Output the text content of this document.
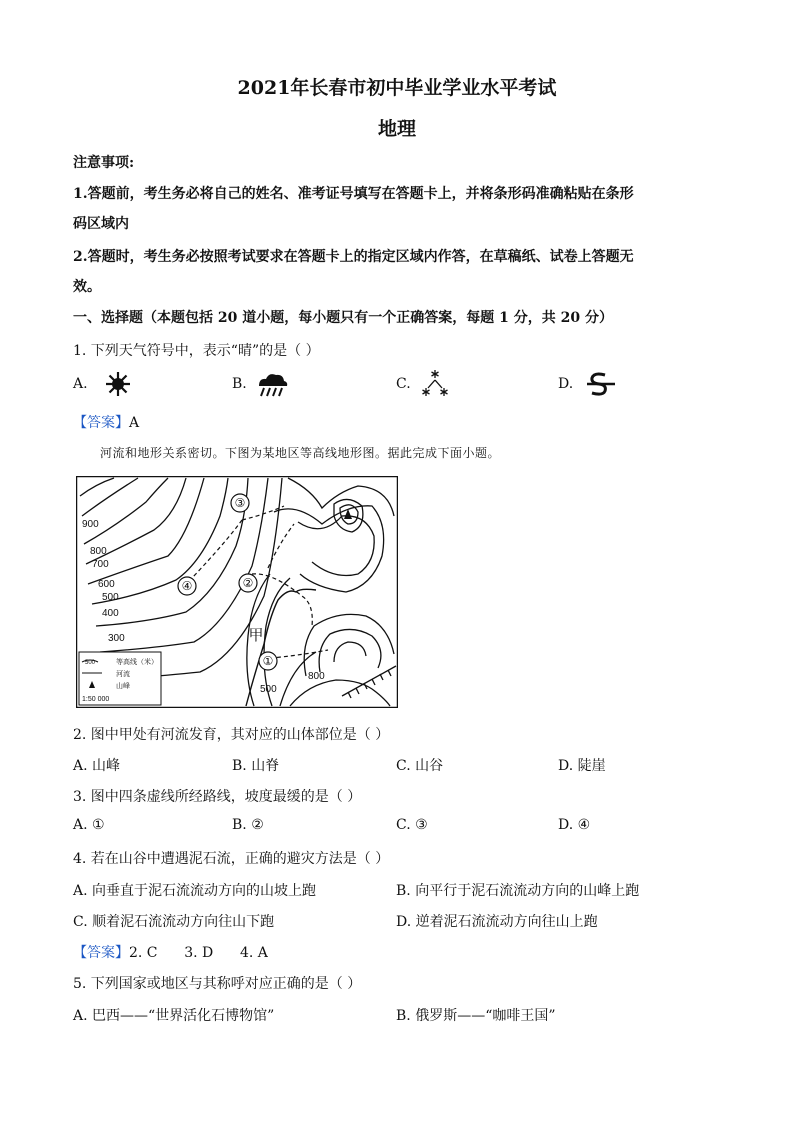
2021年长春市初中毕业学业水平考试
地理
注意事项:
1.答题前，考生务必将自己的姓名、准考证号填写在答题卡上，并将条形码准确粘贴在条形
码区域内
2.答题时，考生务必按照考试要求在答题卡上的指定区域内作答，在草稿纸、试卷上答题无
效。
一、选择题（本题包括 20 道小题，每小题只有一个正确答案，每题 1 分，共 20 分）
1. 下列天气符号中，表示“晴”的是（ ）
A.	B.	C.	D.
【答案】A
河流和地形关系密切。下图为某地区等高线地形图。据此完成下面小题。
③
②
④
①
甲
900
800
700
600
500
400
300
500
800
500	等高线（米）
河流
山峰
1:50 000
2. 图中甲处有河流发育，其对应的山体部位是（ ）
A. 山峰	B. 山脊	C. 山谷	D. 陡崖
3. 图中四条虚线所经路线，坡度最缓的是（ ）
A. ①	B. ②	C. ③	D. ④
4. 若在山谷中遭遇泥石流，正确的避灾方法是（ ）
A. 向垂直于泥石流流动方向的山坡上跑	B. 向平行于泥石流流动方向的山峰上跑
C. 顺着泥石流流动方向往山下跑	D. 逆着泥石流流动方向往山上跑
【答案】2. C      3. D      4. A
5. 下列国家或地区与其称呼对应正确的是（ ）
A. 巴西——“世界活化石博物馆”	B. 俄罗斯——“咖啡王国”
